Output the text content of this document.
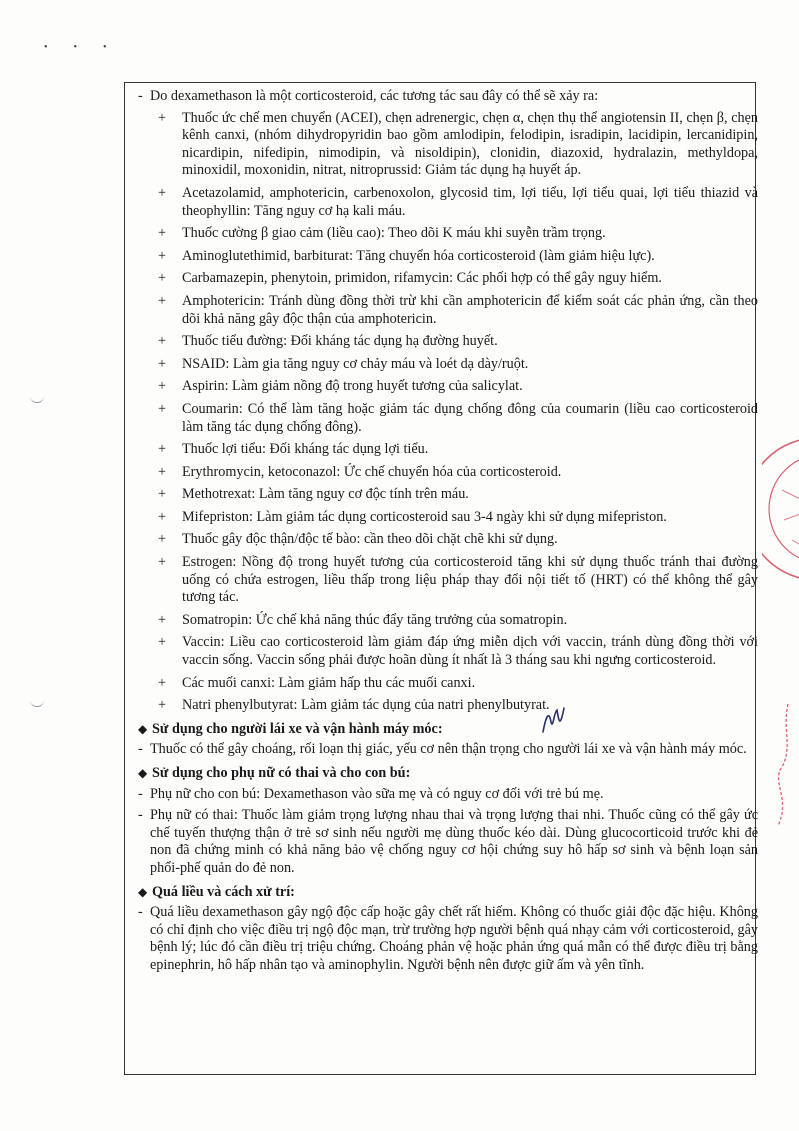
•••
- Do dexamethason là một corticosteroid, các tương tác sau đây có thể sẽ xảy ra:
+ Thuốc ức chế men chuyển (ACEI), chẹn adrenergic, chẹn α, chẹn thụ thể angiotensin II, chẹn β, chẹn kênh canxi, (nhóm dihydropyridin bao gồm amlodipin, felodipin, isradipin, lacidipin, lercanidipin, nicardipin, nifedipin, nimodipin, và nisoldipin), clonidin, diazoxid, hydralazin, methyldopa, minoxidil, moxonidin, nitrat, nitroprussid: Giảm tác dụng hạ huyết áp.
+ Acetazolamid, amphotericin, carbenoxolon, glycosid tim, lợi tiểu, lợi tiểu quai, lợi tiểu thiazid và theophyllin: Tăng nguy cơ hạ kali máu.
+ Thuốc cường β giao cảm (liều cao): Theo dõi K máu khi suyễn trầm trọng.
+ Aminoglutethimid, barbiturat: Tăng chuyển hóa corticosteroid (làm giảm hiệu lực).
+ Carbamazepin, phenytoin, primidon, rifamycin: Các phối hợp có thể gây nguy hiểm.
+ Amphotericin: Tránh dùng đồng thời trừ khi cần amphotericin để kiểm soát các phản ứng, cần theo dõi khả năng gây độc thận của amphotericin.
+ Thuốc tiểu đường: Đối kháng tác dụng hạ đường huyết.
+ NSAID: Làm gia tăng nguy cơ chảy máu và loét dạ dày/ruột.
+ Aspirin: Làm giảm nồng độ trong huyết tương của salicylat.
+ Coumarin: Có thể làm tăng hoặc giảm tác dụng chống đông của coumarin (liều cao corticosteroid làm tăng tác dụng chống đông).
+ Thuốc lợi tiểu: Đối kháng tác dụng lợi tiểu.
+ Erythromycin, ketoconazol: Ức chế chuyển hóa của corticosteroid.
+ Methotrexat: Làm tăng nguy cơ độc tính trên máu.
+ Mifepriston: Làm giảm tác dụng corticosteroid sau 3-4 ngày khi sử dụng mifepriston.
+ Thuốc gây độc thận/độc tế bào: cần theo dõi chặt chẽ khi sử dụng.
+ Estrogen: Nồng độ trong huyết tương của corticosteroid tăng khi sử dụng thuốc tránh thai đường uống có chứa estrogen, liều thấp trong liệu pháp thay đổi nội tiết tố (HRT) có thể không thể gây tương tác.
+ Somatropin: Ức chế khả năng thúc đẩy tăng trưởng của somatropin.
+ Vaccin: Liều cao corticosteroid làm giảm đáp ứng miễn dịch với vaccin, tránh dùng đồng thời với vaccin sống. Vaccin sống phải được hoãn dùng ít nhất là 3 tháng sau khi ngưng corticosteroid.
+ Các muối canxi: Làm giảm hấp thu các muối canxi.
+ Natri phenylbutyrat: Làm giảm tác dụng của natri phenylbutyrat.
◆ Sử dụng cho người lái xe và vận hành máy móc:
- Thuốc có thể gây choáng, rối loạn thị giác, yếu cơ nên thận trọng cho người lái xe và vận hành máy móc.
◆ Sử dụng cho phụ nữ có thai và cho con bú:
- Phụ nữ cho con bú: Dexamethason vào sữa mẹ và có nguy cơ đối với trẻ bú mẹ.
- Phụ nữ có thai: Thuốc làm giảm trọng lượng nhau thai và trọng lượng thai nhi. Thuốc cũng có thể gây ức chế tuyến thượng thận ở trẻ sơ sinh nếu người mẹ dùng thuốc kéo dài. Dùng glucocorticoid trước khi đẻ non đã chứng minh có khả năng bảo vệ chống nguy cơ hội chứng suy hô hấp sơ sinh và bệnh loạn sản phổi-phế quản do đẻ non.
◆ Quá liều và cách xử trí:
- Quá liều dexamethason gây ngộ độc cấp hoặc gây chết rất hiếm. Không có thuốc giải độc đặc hiệu. Không có chỉ định cho việc điều trị ngộ độc mạn, trừ trường hợp người bệnh quá nhạy cảm với corticosteroid, gây bệnh lý; lúc đó cần điều trị triệu chứng. Choáng phản vệ hoặc phản ứng quá mẫn có thể được điều trị bằng epinephrin, hô hấp nhân tạo và aminophylin. Người bệnh nên được giữ ấm và yên tĩnh.
